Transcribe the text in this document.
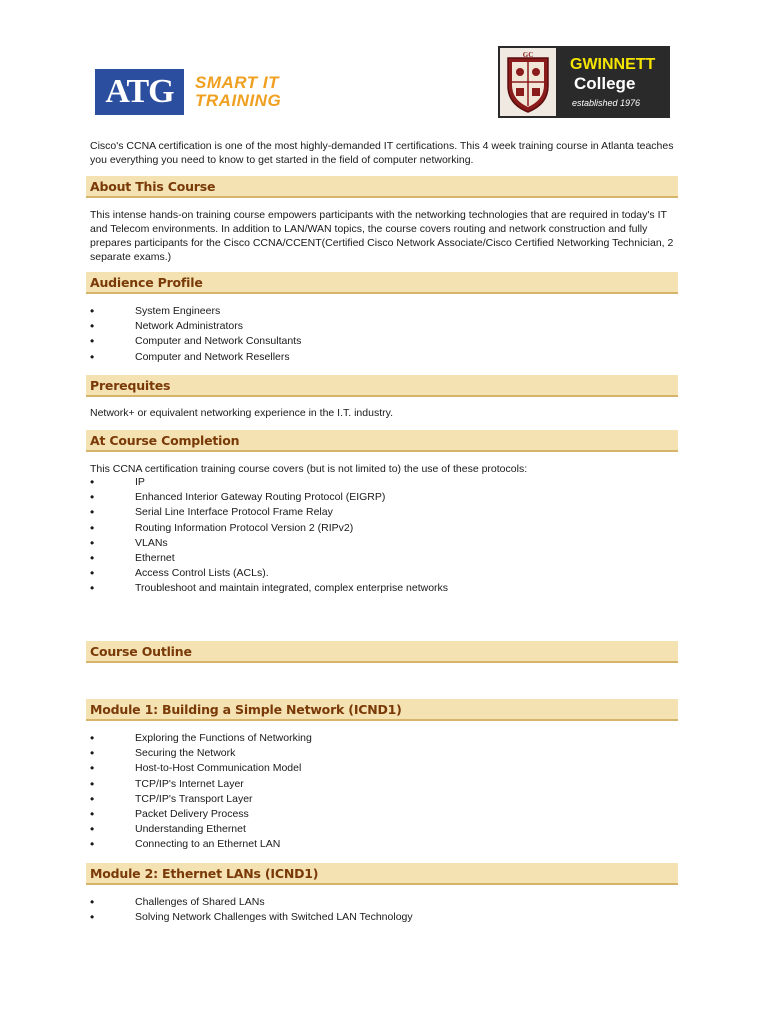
ATG	SMART IT
TRAINING
GC
GWINNETT
College
established 1976

Cisco's CCNA certification is one of the most highly-demanded IT certifications. This 4 week training course in Atlanta teaches you everything you need to know to get started in the field of computer networking.

About This Course

This intense hands-on training course empowers participants with the networking technologies that are required in today's IT and Telecom environments. In addition to LAN/WAN topics, the course covers routing and network construction and fully prepares participants for the Cisco CCNA/CCENT(Certified Cisco Network Associate/Cisco Certified Networking Technician, 2 separate exams.)

Audience Profile
• System Engineers
• Network Administrators
• Computer and Network Consultants
• Computer and Network Resellers
Prerequites

Network+ or equivalent networking experience in the I.T. industry.

At Course Completion

This CCNA certification training course covers (but is not limited to) the use of these protocols:

• IP
• Enhanced Interior Gateway Routing Protocol (EIGRP)
• Serial Line Interface Protocol Frame Relay
• Routing Information Protocol Version 2 (RIPv2)
• VLANs
• Ethernet
• Access Control Lists (ACLs).
• Troubleshoot and maintain integrated, complex enterprise networks
Course Outline
Module 1: Building a Simple Network (ICND1)
• Exploring the Functions of Networking
• Securing the Network
• Host-to-Host Communication Model
• TCP/IP's Internet Layer
• TCP/IP's Transport Layer
• Packet Delivery Process
• Understanding Ethernet
• Connecting to an Ethernet LAN
Module 2: Ethernet LANs (ICND1)
• Challenges of Shared LANs
• Solving Network Challenges with Switched LAN Technology
